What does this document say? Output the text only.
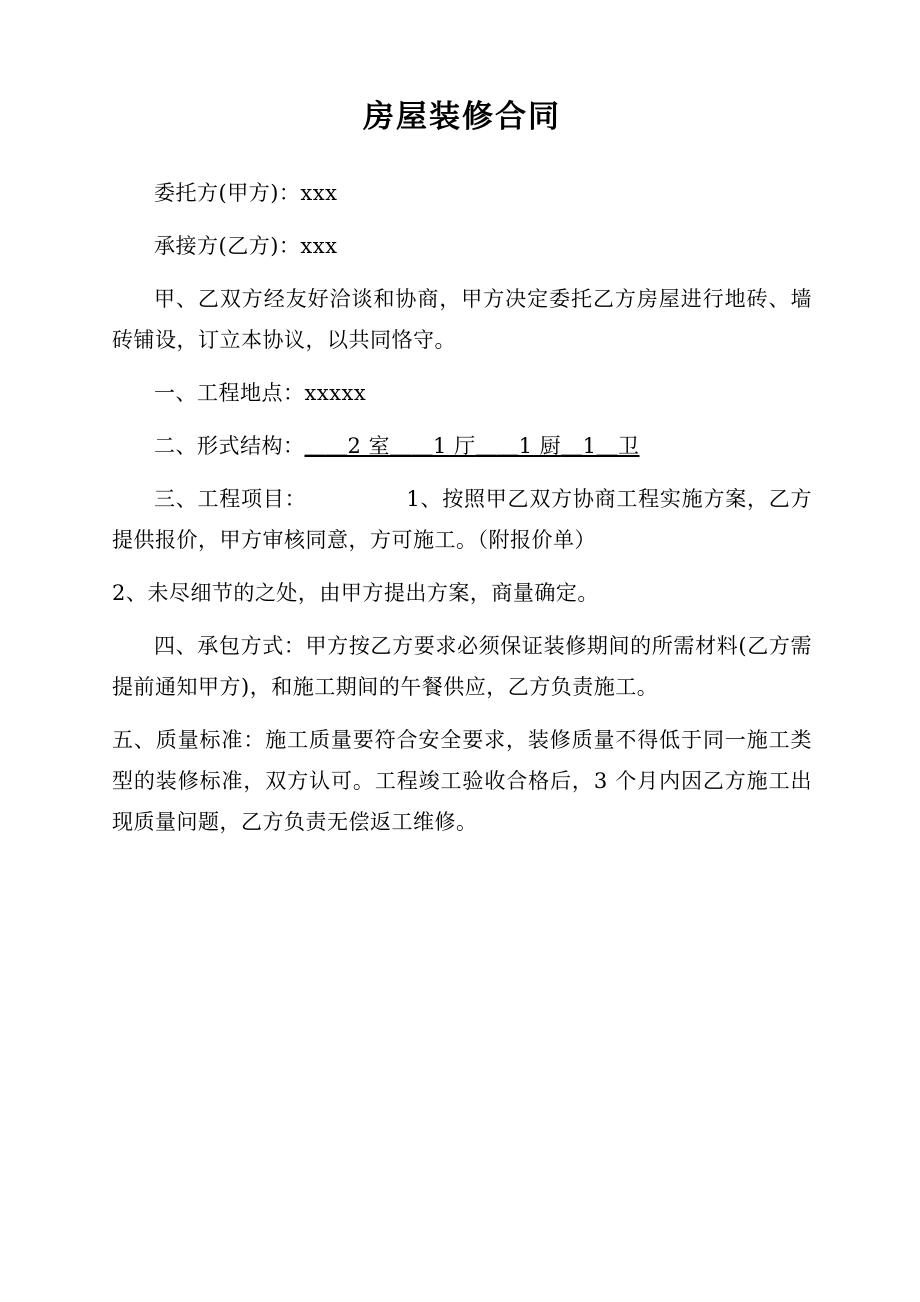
房屋装修合同

委托方(甲方)：xxx

承接方(乙方)：xxx

甲、乙双方经友好洽谈和协商，甲方决定委托乙方房屋进行地砖、墙砖铺设，订立本协议，以共同恪守。

一、工程地点：xxxxx

二、形式结构：＿＿2 室＿＿1 厅＿＿1 厨＿1＿卫

三、工程项目：	1、按照甲乙双方协商工程实施方案，乙方提供报价，甲方审核同意，方可施工。（附报价单）

2、未尽细节的之处，由甲方提出方案，商量确定。

四、承包方式：甲方按乙方要求必须保证装修期间的所需材料(乙方需提前通知甲方)，和施工期间的午餐供应，乙方负责施工。

五、质量标准：施工质量要符合安全要求，装修质量不得低于同一施工类型的装修标准，双方认可。工程竣工验收合格后，3 个月内因乙方施工出现质量问题，乙方负责无偿返工维修。
